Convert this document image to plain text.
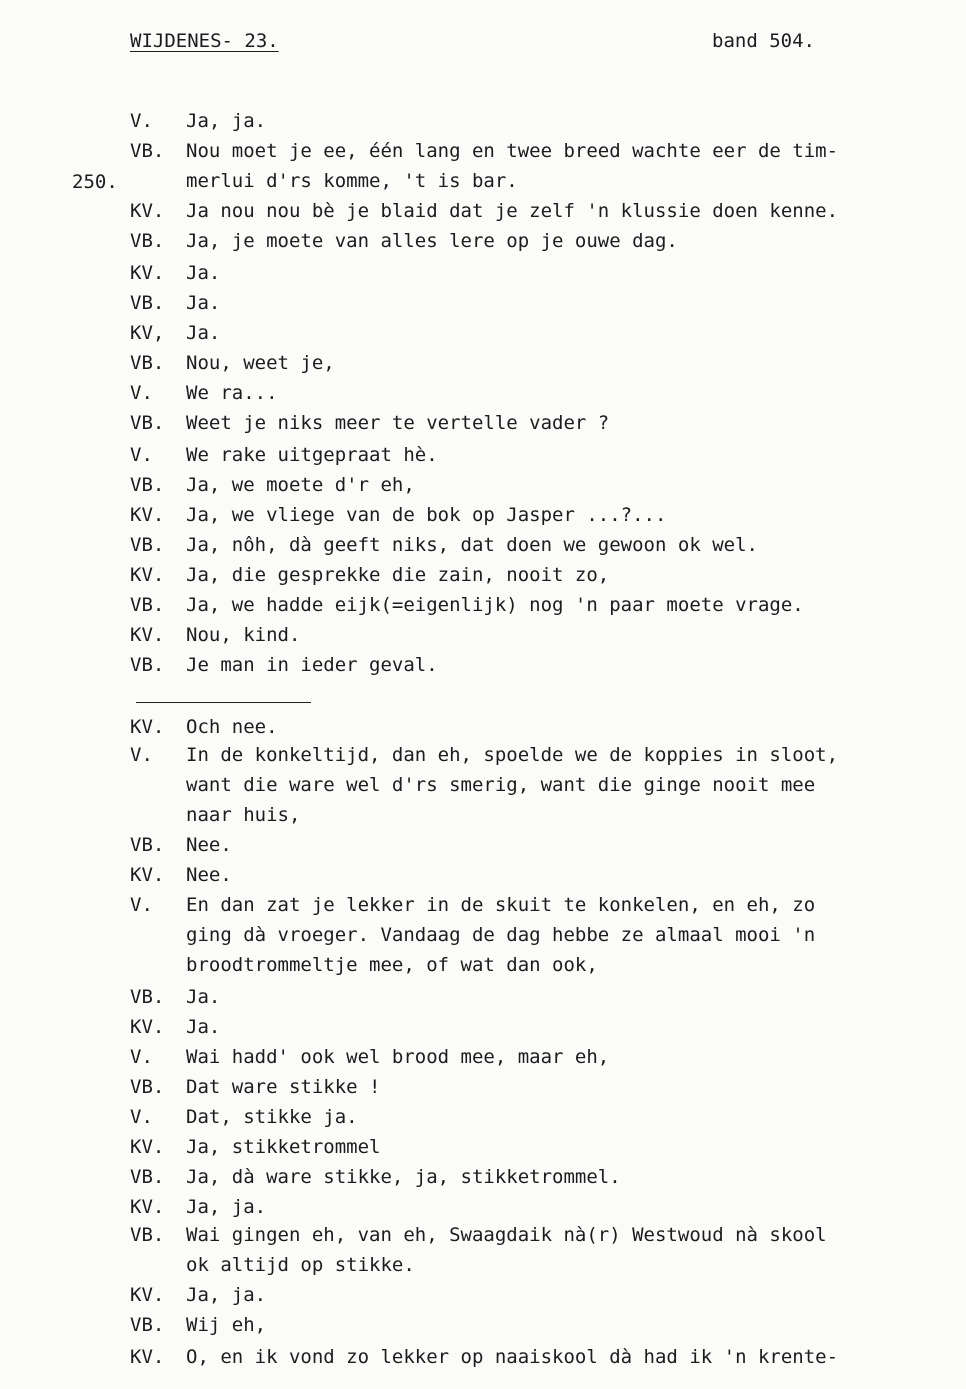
WIJDENES- 23.	band 504.
250.
V. Ja, ja.
VB. Nou moet je ee, één lang en twee breed wachte eer de tim-
merlui d'rs komme, 't is bar.
KV. Ja nou nou bè je blaid dat je zelf 'n klussie doen kenne.
VB. Ja, je moete van alles lere op je ouwe dag.
KV. Ja.
VB. Ja.
KV, Ja.
VB. Nou, weet je,
V. We ra...
VB. Weet je niks meer te vertelle vader ?
V. We rake uitgepraat hè.
VB. Ja, we moete d'r eh,
KV. Ja, we vliege van de bok op Jasper ...?...
VB. Ja, nôh, dà geeft niks, dat doen we gewoon ok wel.
KV. Ja, die gesprekke die zain, nooit zo,
VB. Ja, we hadde eijk(=eigenlijk) nog 'n paar moete vrage.
KV. Nou, kind.
VB. Je man in ieder geval.
KV. Och nee.
V. In de konkeltijd, dan eh, spoelde we de koppies in sloot,
want die ware wel d'rs smerig, want die ginge nooit mee
naar huis,
VB. Nee.
KV. Nee.
V. En dan zat je lekker in de skuit te konkelen, en eh, zo
ging dà vroeger. Vandaag de dag hebbe ze almaal mooi 'n
broodtrommeltje mee, of wat dan ook,
VB. Ja.
KV. Ja.
V. Wai hadd' ook wel brood mee, maar eh,
VB. Dat ware stikke !
V. Dat, stikke ja.
KV. Ja, stikketrommel
VB. Ja, dà ware stikke, ja, stikketrommel.
KV. Ja, ja.
VB. Wai gingen eh, van eh, Swaagdaik nà(r) Westwoud nà skool
ok altijd op stikke.
KV. Ja, ja.
VB. Wij eh,
KV. O, en ik vond zo lekker op naaiskool dà had ik 'n krente-
